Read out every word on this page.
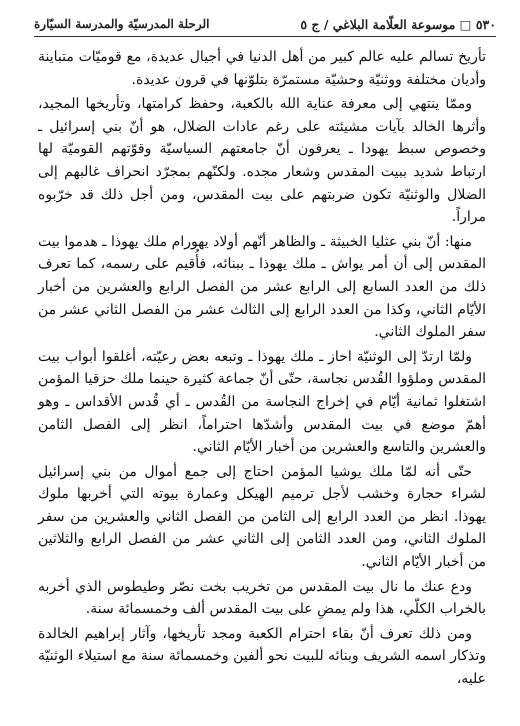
٥٣٠ □ موسوعة العلّامة البلاغي / ج ٥
الرحلة المدرسيّة والمدرسة السيّارة

تأريخ تسالم عليه عالم كبير من أهل الدنيا في أجيال عديدة، مع قوميّات متباينة وأديان مختلفة ووثنيّة وحشيّة مستمرّة بتلوّنها في قرون عديدة.

وممّا ينتهي إلى معرفة عناية الله بالكعبة، وحفظ كرامتها، وتأريخها المجيد، وأثرها الخالد بآيات مشيئته على رغم عادات الضلال، هو أنّ بني إسرائيل ـ وخصوص سبط يهودا ـ يعرفون أنّ جامعتهم السياسيّة وقوّتهم القوميّة لها ارتباط شديد ببيت المقدس وشعار مجده. ولكنّهم بمجرّد انحراف غالبهم إلى الضلال والوثنيّة تكون ضربتهم على بيت المقدس، ومن أجل ذلك قد خرّبوه مراراً.

منها: أنّ بني عثليا الخبيثة ـ والظاهر أنّهم أولاد يهورام ملك يهوذا ـ هدموا بيت المقدس إلى أن أمر يواش ـ ملك يهوذا ـ ببنائه، فأُقيم على رسمه، كما تعرف ذلك من العدد السابع إلى الرابع عشر من الفصل الرابع والعشرين من أخبار الأيّام الثاني، وكذا من العدد الرابع إلى الثالث عشر من الفصل الثاني عشر من سفر الملوك الثاني.

ولمّا ارتدّ إلى الوثنيّة احاز ـ ملك يهوذا ـ وتبعه بعض رعيّته، أغلقوا أبواب بيت المقدس وملؤوا القُدس نجاسة، حتّى أنّ جماعة كثيرة حينما ملك حزقيا المؤمن اشتغلوا ثمانية أيّام في إخراج النجاسة من القُدس ـ أي قُدس الأقداس ـ وهو أهمّ موضع في بيت المقدس وأشدّها احتراماً، انظر إلى الفصل الثامن والعشرين والتاسع والعشرين من أخبار الأيّام الثاني.

حتّى أنه لمّا ملك يوشيا المؤمن احتاج إلى جمع أموال من بني إسرائيل لشراء حجارة وخشب لأجل ترميم الهيكل وعمارة بيوته التي أخربها ملوك يهوذا. انظر من العدد الرابع إلى الثامن من الفصل الثاني والعشرين من سفر الملوك الثاني، ومن العدد الثامن إلى الثاني عشر من الفصل الرابع والثلاثين من أخبار الأيّام الثاني.

ودع عنك ما نال بيت المقدس من تخريب بخت نصّر وطيطوس الذي أخربه بالخراب الكلّي، هذا ولم يمضِ على بيت المقدس ألف وخمسمائة سنة.

ومن ذلك تعرف أنّ بقاء احترام الكعبة ومجد تأريخها، وآثار إبراهيم الخالدة وتذكار اسمه الشريف وبنائه للبيت نحو ألفين وخمسمائة سنة مع استيلاء الوثنيّة عليه،
